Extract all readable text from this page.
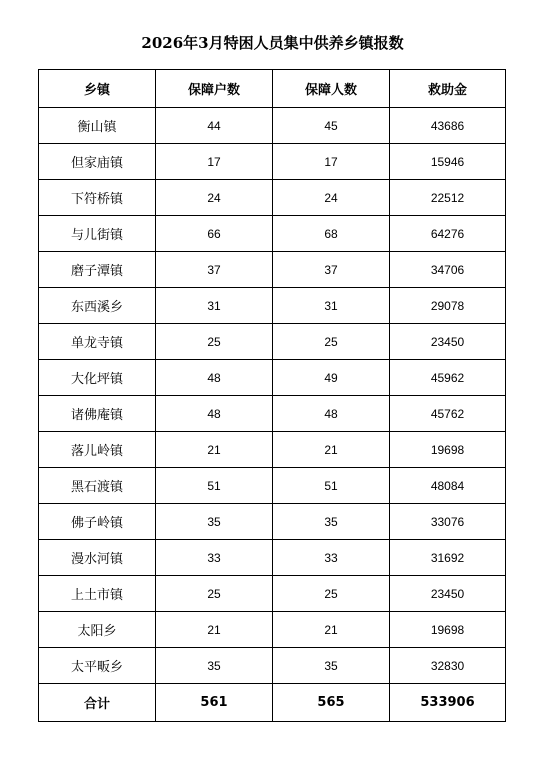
2026年3月特困人员集中供养乡镇报数
乡镇	保障户数	保障人数	救助金
衡山镇	44	45	43686
但家庙镇	17	17	15946
下符桥镇	24	24	22512
与儿街镇	66	68	64276
磨子潭镇	37	37	34706
东西溪乡	31	31	29078
单龙寺镇	25	25	23450
大化坪镇	48	49	45962
诸佛庵镇	48	48	45762
落儿岭镇	21	21	19698
黑石渡镇	51	51	48084
佛子岭镇	35	35	33076
漫水河镇	33	33	31692
上土市镇	25	25	23450
太阳乡	21	21	19698
太平畈乡	35	35	32830
合计	561	565	533906
